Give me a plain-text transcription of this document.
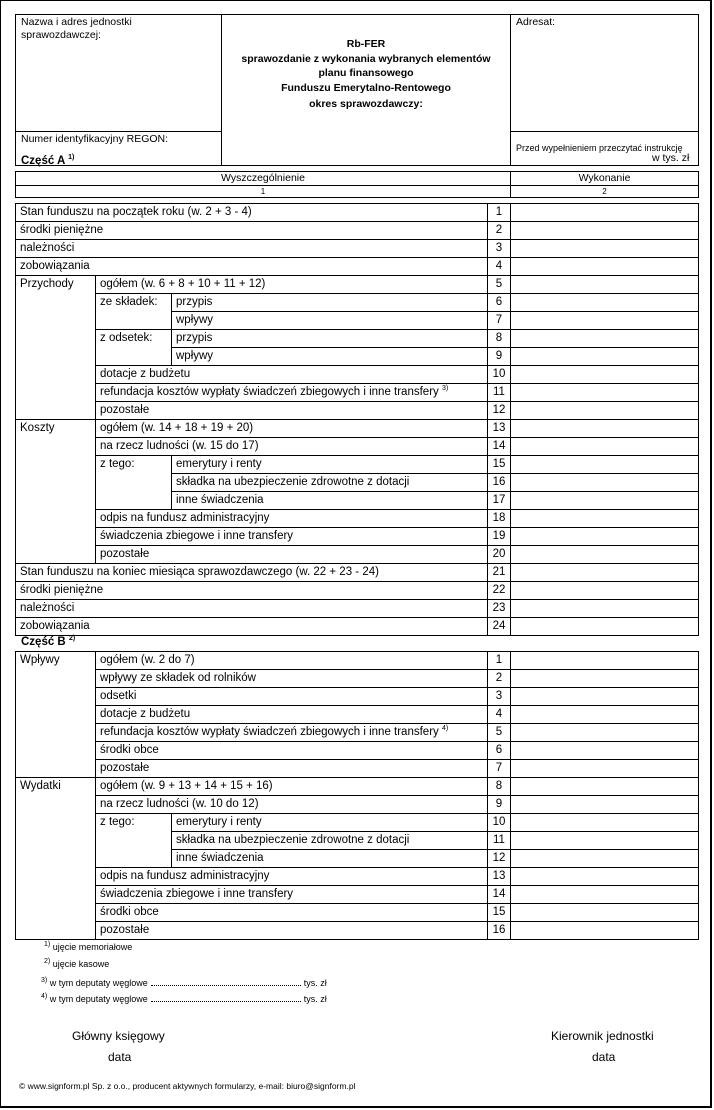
Nazwa i adres jednostki sprawozdawczej:	Rb-FER
sprawozdanie z wykonania wybranych elementów
planu finansowego
Funduszu Emerytalno-Rentowego
okres sprawozdawczy:	Adresat:
Numer identyfikacyjny REGON:		Przed wypełnieniem przeczytać instrukcję
Część A $^{1)}$	w tys. zł
Wyszczególnienie				Wykonanie
1				2

Stan funduszu na początek roku (w. 2 + 3 - 4)			1	
środki pieniężne			2	
należności			3	
zobowiązania			4	
Przychody	ogółem (w. 6 + 8 + 10 + 11 + 12)		5	
	ze składek:	przypis	6	
		wpływy	7	
	z odsetek:	przypis	8	
		wpływy	9	
	dotacje z budżetu		10	
	refundacja kosztów wypłaty świadczeń zbiegowych i inne transfery $^{3)}$		11	
	pozostałe		12	
Koszty	ogółem (w. 14 + 18 + 19 + 20)		13	
	na rzecz ludności (w. 15 do 17)		14	
	z tego:	emerytury i renty	15	
		składka na ubezpieczenie zdrowotne z dotacji	16	
		inne świadczenia	17	
	odpis na fundusz administracyjny		18	
	świadczenia zbiegowe i inne transfery		19	
	pozostałe		20	
Stan funduszu na koniec miesiąca sprawozdawczego (w. 22 + 23 - 24)			21	
środki pieniężne			22	
należności			23	
zobowiązania			24	
Część B $^{2)}$
Wpływy	ogółem (w. 2 do 7)		1	
	wpływy ze składek od rolników		2	
	odsetki		3	
	dotacje z budżetu		4	
	refundacja kosztów wypłaty świadczeń zbiegowych i inne transfery $^{4)}$		5	
	środki obce		6	
	pozostałe		7	
Wydatki	ogółem (w. 9 + 13 + 14 + 15 + 16)		8	
	na rzecz ludności (w. 10 do 12)		9	
	z tego:	emerytury i renty	10	
		składka na ubezpieczenie zdrowotne z dotacji	11	
		inne świadczenia	12	
	odpis na fundusz administracyjny		13	
	świadczenia zbiegowe i inne transfery		14	
	środki obce		15	
	pozostałe		16	
$^{1)}$ ujęcie memoriałowe
$^{2)}$ ujęcie kasowe
$^{3)}$ w tym deputaty węglowe	tys. zł
$^{4)}$ w tym deputaty węglowe	tys. zł
Główny księgowy
data
Kierownik jednostki
data
© www.signform.pl Sp. z o.o., producent aktywnych formularzy, e-mail: biuro@signform.pl
